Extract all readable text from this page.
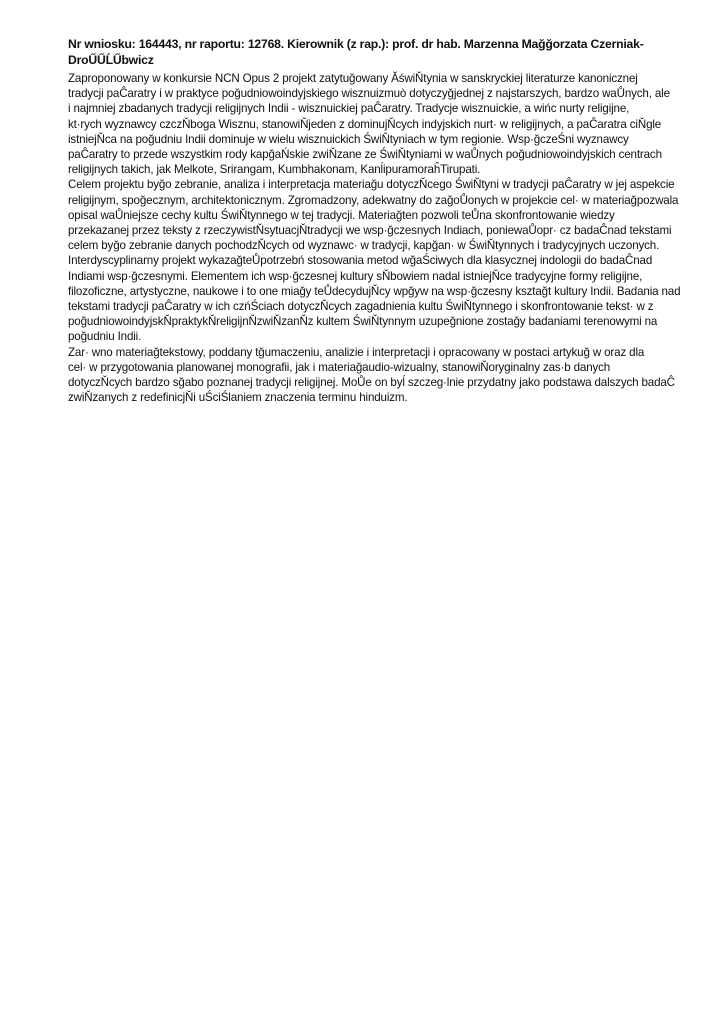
Nr wniosku: 164443, nr raportu: 12768. Kierownik (z rap.): prof. dr hab. Marzenna Mağğorzata Czerniak-
DroŰŰĹŰbwicz
Zaproponowany w konkursie NCN Opus 2 projekt zatytuğowany ĂświŇtynia w sanskryckiej literaturze kanonicznej
tradycji paĈaratry i w praktyce poğudniowoindyjskiego wisznuizmuò dotyczyğjednej z najstarszych, bardzo waŮnych, ale
i najmniej zbadanych tradycji religijnych Indii - wisznuickiej paĈaratry. Tradycje wisznuickie, a wińc nurty religijne,
kt·rych wyznawcy czczŇboga Wisznu, stanowiŇjeden z dominujŇcych indyjskich nurt· w religijnych, a paĈaratra ciŇgle
istniejŇca na poğudniu Indii dominuje w wielu wisznuickich ŚwiŇtyniach w tym regionie. Wsp·ğczeŚni wyznawcy
paĈaratry to przede wszystkim rody kapğaŃskie zwiŇzane ze ŚwiŇtyniami w waŮnych poğudniowoindyjskich centrach
religijnych takich, jak Melkote, Srirangam, Kumbhakonam, KanĺipuramoraĥTirupati.
Celem projektu byğo zebranie, analiza i interpretacja materiağu dotyczŇcego ŚwiŇtyni w tradycji paĈaratry w jej aspekcie
religijnym, spoğecznym, architektonicznym. Zgromadzony, adekwatny do zağoŮonych w projekcie cel· w materiağpozwala
opisal waŮniejsze cechy kultu ŚwiŇtynnego w tej tradycji. Materiağten pozwoli teŮna skonfrontowanie wiedzy
przekazanej przez teksty z rzeczywistŇsytuacjŇtradycji we wsp·ğczesnych Indiach, poniewaŮopr· cz badaĈnad tekstami
celem byğo zebranie danych pochodzŇcych od wyznawc· w tradycji, kapğan· w ŚwiŇtynnych i tradycyjnych uczonych.
Interdyscyplinarny projekt wykazağteŮpotrzebń stosowania metod wğaŚciwych dla klasycznej indologii do badaĈnad
Indiami wsp·ğczesnymi. Elementem ich wsp·ğczesnej kultury sŇbowiem nadal istniejŇce tradycyjne formy religijne,
filozoficzne, artystyczne, naukowe i to one miağy teŮdecydujŇcy wpğyw na wsp·ğczesny ksztağt kultury Indii. Badania nad
tekstami tradycji paĈaratry w ich czńŚciach dotyczŇcych zagadnienia kultu ŚwiŇtynnego i skonfrontowanie tekst· w z
poğudniowoindyjskŇpraktykŇreligijnŇzwiŇzanŇz kultem ŚwiŇtynnym uzupeğnione zostağy badaniami terenowymi na
poğudniu Indii.
Zar· wno materiağtekstowy, poddany tğumaczeniu, analizie i interpretacji i opracowany w postaci artykuğ w oraz dla
cel· w przygotowania planowanej monografii, jak i materiağaudio-wizualny, stanowiŇoryginalny zas·b danych
dotyczŇcych bardzo sğabo poznanej tradycji religijnej. MoŮe on byĺ szczeg·lnie przydatny jako podstawa dalszych badaĈ
zwiŇzanych z redefinicjŇi uŚciŚlaniem znaczenia terminu hinduizm.
